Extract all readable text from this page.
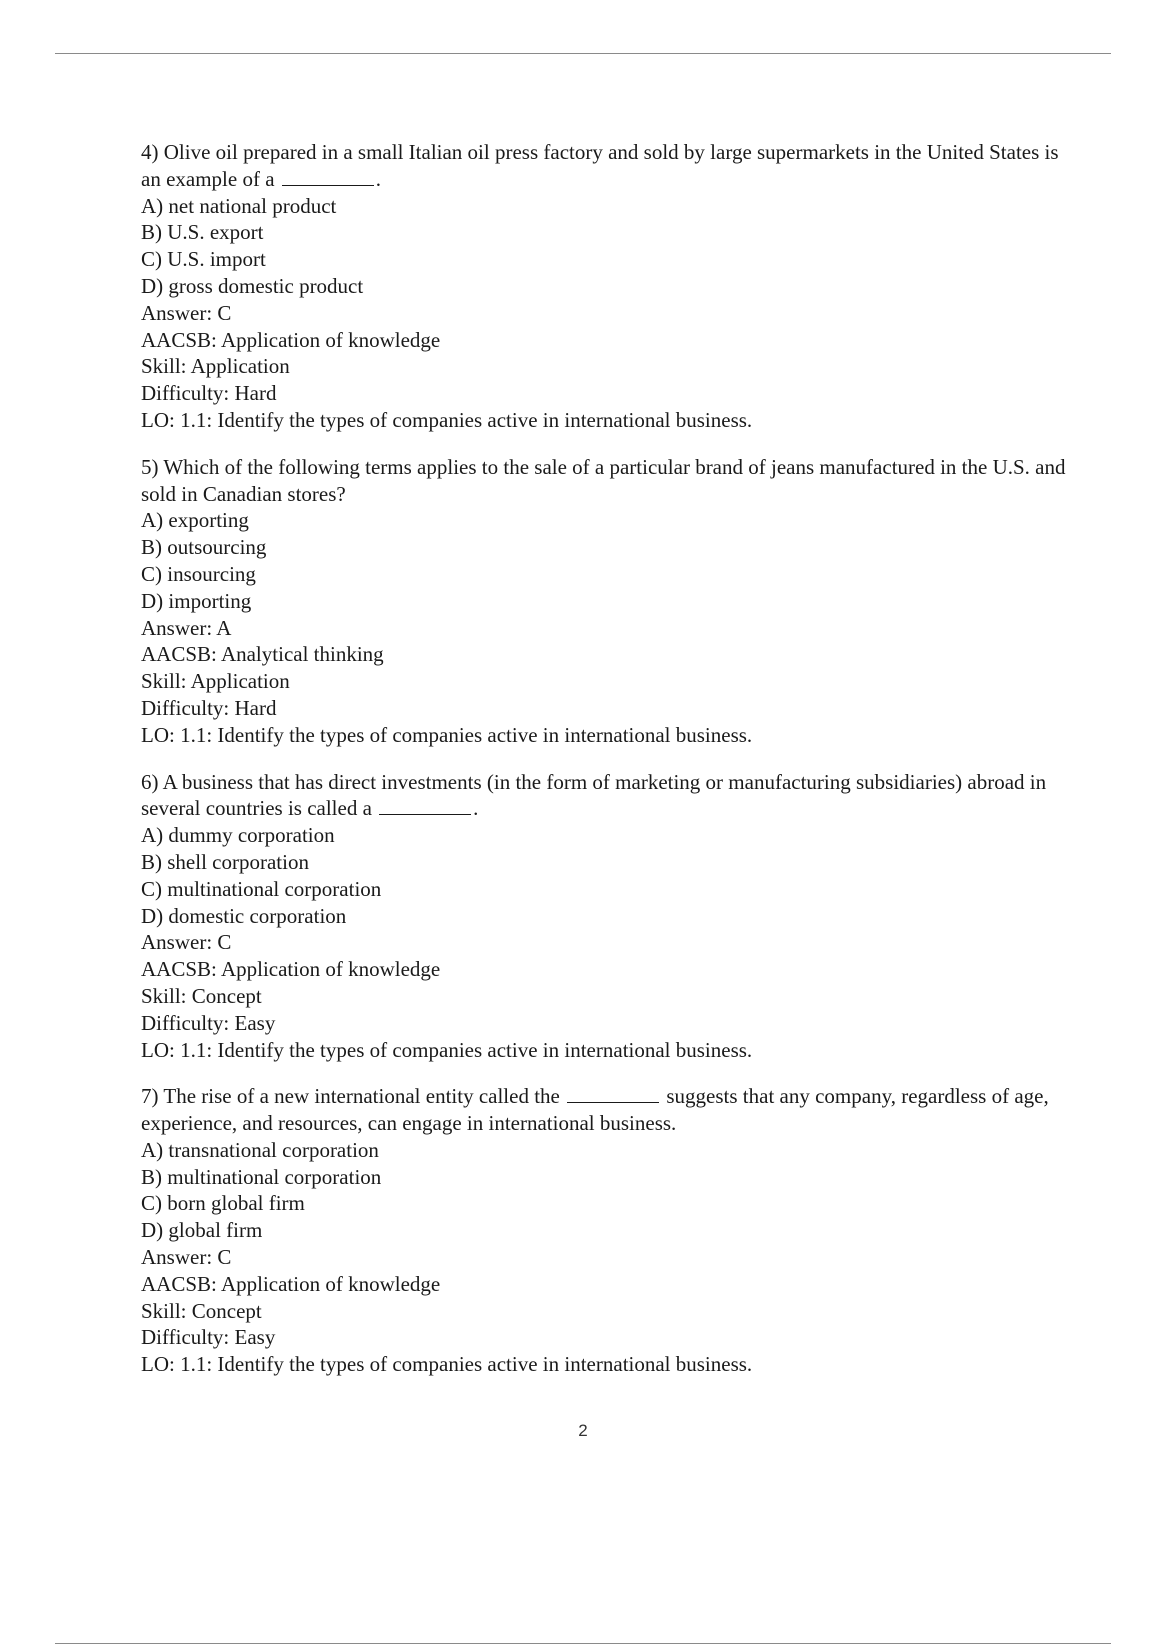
4) Olive oil prepared in a small Italian oil press factory and sold by large supermarkets in the United States is an example of a	.
A) net national product
B) U.S. export
C) U.S. import
D) gross domestic product
Answer: C
AACSB: Application of knowledge
Skill: Application
Difficulty: Hard
LO: 1.1: Identify the types of companies active in international business.
5) Which of the following terms applies to the sale of a particular brand of jeans manufactured in the U.S. and sold in Canadian stores?
A) exporting
B) outsourcing
C) insourcing
D) importing
Answer: A
AACSB: Analytical thinking
Skill: Application
Difficulty: Hard
LO: 1.1: Identify the types of companies active in international business.
6) A business that has direct investments (in the form of marketing or manufacturing subsidiaries) abroad in several countries is called a	.
A) dummy corporation
B) shell corporation
C) multinational corporation
D) domestic corporation
Answer: C
AACSB: Application of knowledge
Skill: Concept
Difficulty: Easy
LO: 1.1: Identify the types of companies active in international business.
7) The rise of a new international entity called the	suggests that any company, regardless of age, experience, and resources, can engage in international business.
A) transnational corporation
B) multinational corporation
C) born global firm
D) global firm
Answer: C
AACSB: Application of knowledge
Skill: Concept
Difficulty: Easy
LO: 1.1: Identify the types of companies active in international business.
2
